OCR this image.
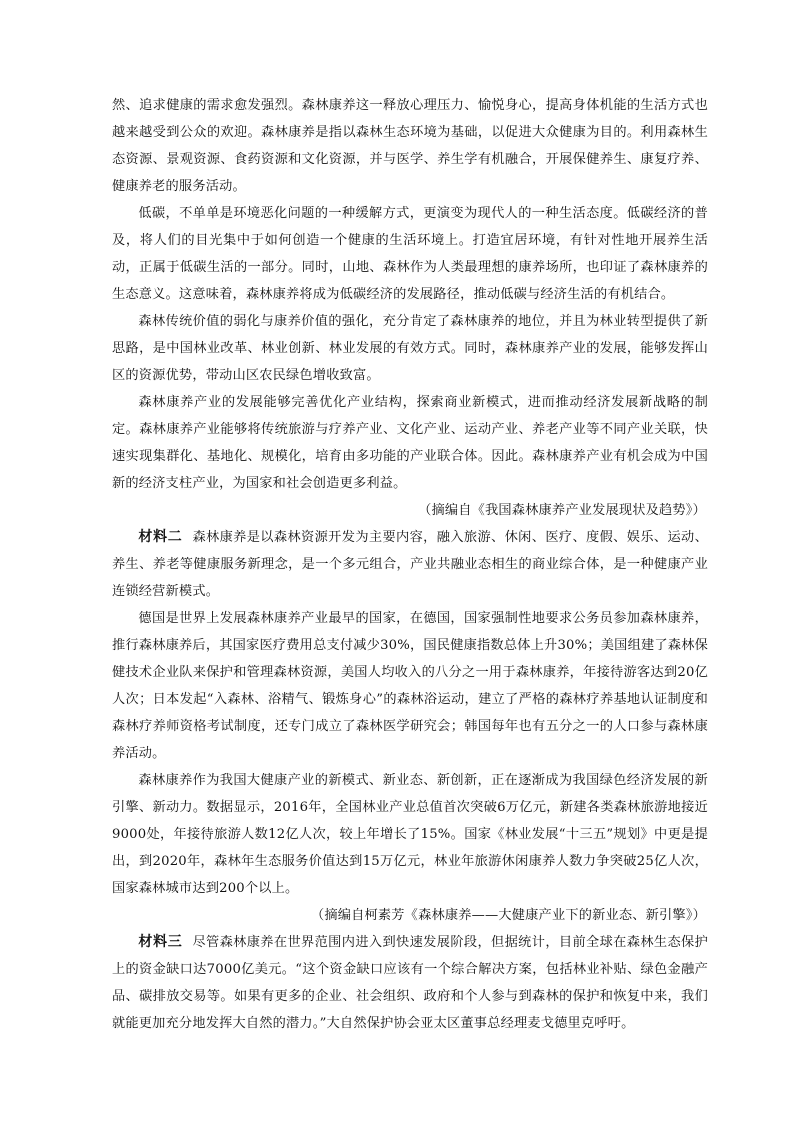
然、追求健康的需求愈发强烈。森林康养这一释放心理压力、愉悦身心，提高身体机能的生活方式也越来越受到公众的欢迎。森林康养是指以森林生态环境为基础，以促进大众健康为目的。利用森林生态资源、景观资源、食药资源和文化资源，并与医学、养生学有机融合，开展保健养生、康复疗养、健康养老的服务活动。

低碳，不单单是环境恶化问题的一种缓解方式，更演变为现代人的一种生活态度。低碳经济的普及，将人们的目光集中于如何创造一个健康的生活环境上。打造宜居环境，有针对性地开展养生活动，正属于低碳生活的一部分。同时，山地、森林作为人类最理想的康养场所，也印证了森林康养的生态意义。这意味着，森林康养将成为低碳经济的发展路径，推动低碳与经济生活的有机结合。

森林传统价值的弱化与康养价值的强化，充分肯定了森林康养的地位，并且为林业转型提供了新思路，是中国林业改革、林业创新、林业发展的有效方式。同时，森林康养产业的发展，能够发挥山区的资源优势，带动山区农民绿色增收致富。

森林康养产业的发展能够完善优化产业结构，探索商业新模式，进而推动经济发展新战略的制定。森林康养产业能够将传统旅游与疗养产业、文化产业、运动产业、养老产业等不同产业关联，快速实现集群化、基地化、规模化，培育由多功能的产业联合体。因此。森林康养产业有机会成为中国新的经济支柱产业，为国家和社会创造更多利益。

（摘编自《我国森林康养产业发展现状及趋势》）

材料二 森林康养是以森林资源开发为主要内容，融入旅游、休闲、医疗、度假、娱乐、运动、养生、养老等健康服务新理念，是一个多元组合，产业共融业态相生的商业综合体，是一种健康产业连锁经营新模式。

德国是世界上发展森林康养产业最早的国家，在德国，国家强制性地要求公务员参加森林康养，推行森林康养后，其国家医疗费用总支付减少30%，国民健康指数总体上升30%；美国组建了森林保健技术企业队来保护和管理森林资源，美国人均收入的八分之一用于森林康养，年接待游客达到20亿人次；日本发起“入森林、浴精气、锻炼身心”的森林浴运动，建立了严格的森林疗养基地认证制度和森林疗养师资格考试制度，还专门成立了森林医学研究会；韩国每年也有五分之一的人口参与森林康养活动。

森林康养作为我国大健康产业的新模式、新业态、新创新，正在逐渐成为我国绿色经济发展的新引擎、新动力。数据显示，2016年，全国林业产业总值首次突破6万亿元，新建各类森林旅游地接近9000处，年接待旅游人数12亿人次，较上年增长了15%。国家《林业发展“十三五”规划》中更是提出，到2020年，森林年生态服务价值达到15万亿元，林业年旅游休闲康养人数力争突破25亿人次，国家森林城市达到200个以上。

（摘编自柯素芳《森林康养——大健康产业下的新业态、新引擎》）

材料三 尽管森林康养在世界范围内进入到快速发展阶段，但据统计，目前全球在森林生态保护上的资金缺口达7000亿美元。“这个资金缺口应该有一个综合解决方案，包括林业补贴、绿色金融产品、碳排放交易等。如果有更多的企业、社会组织、政府和个人参与到森林的保护和恢复中来，我们就能更加充分地发挥大自然的潜力。”大自然保护协会亚太区董事总经理麦戈德里克呼吁。
